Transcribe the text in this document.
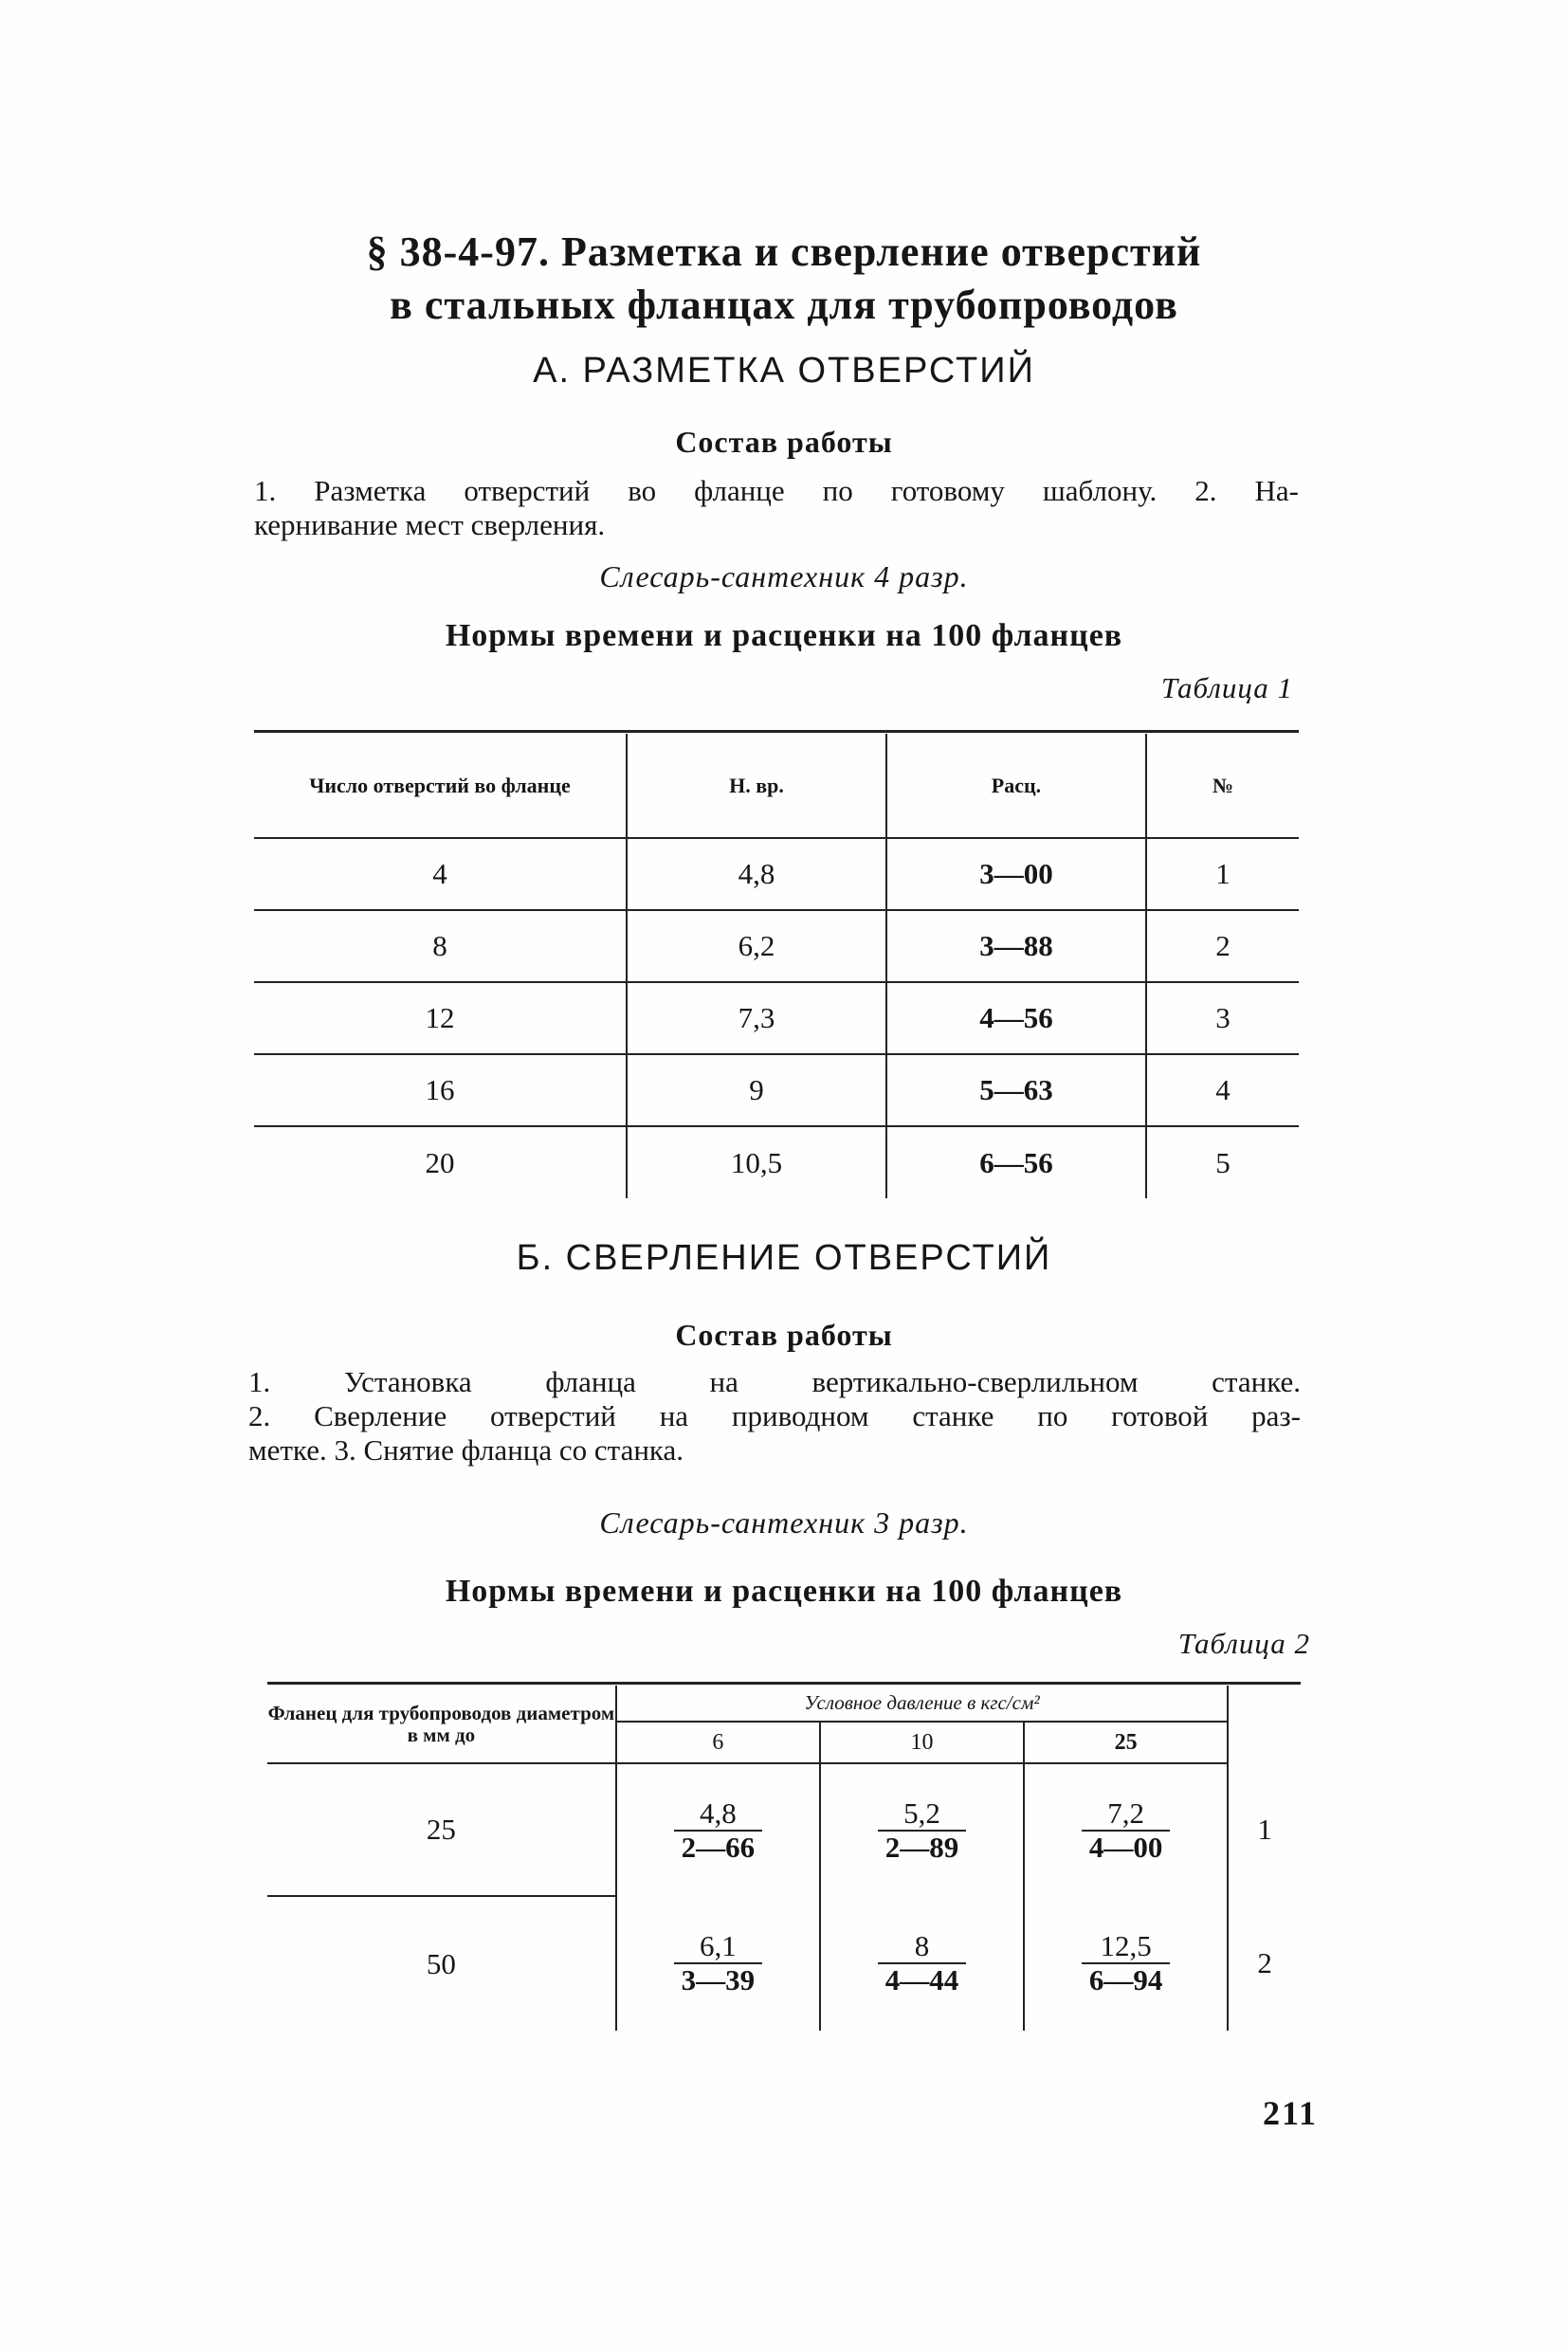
§ 38-4-97. Разметка и сверление отверстий
в стальных фланцах для трубопроводов
А. РАЗМЕТКА ОТВЕРСТИЙ
Состав работы
1. Разметка отверстий во фланце по готовому шаблону. 2. На-
кернивание мест сверления.
Слесарь-сантехник 4 разр.
Нормы времени и расценки на 100 фланцев
Таблица 1
Число отверстий во фланце	Н. вр.	Расц.	№
4	4,8	3—00	1
8	6,2	3—88	2
12	7,3	4—56	3
16	9	5—63	4
20	10,5	6—56	5
Б. СВЕРЛЕНИЕ ОТВЕРСТИЙ
Состав работы
1. Установка фланца на вертикально-сверлильном станке.
2. Сверление отверстий на приводном станке по готовой раз-
метке. 3. Снятие фланца со станка.
Слесарь-сантехник 3 разр.
Нормы времени и расценки на 100 фланцев
Таблица 2
Фланец для трубопроводов диаметром в мм до	Условное давление в кгс/см²			
	6	10	25	
25	$\frac{4,8}{2—66}$	$\frac{5,2}{2—89}$	$\frac{7,2}{4—00}$	1
50	$\frac{6,1}{3—39}$	$\frac{8}{4—44}$	$\frac{12,5}{6—94}$	2
211
